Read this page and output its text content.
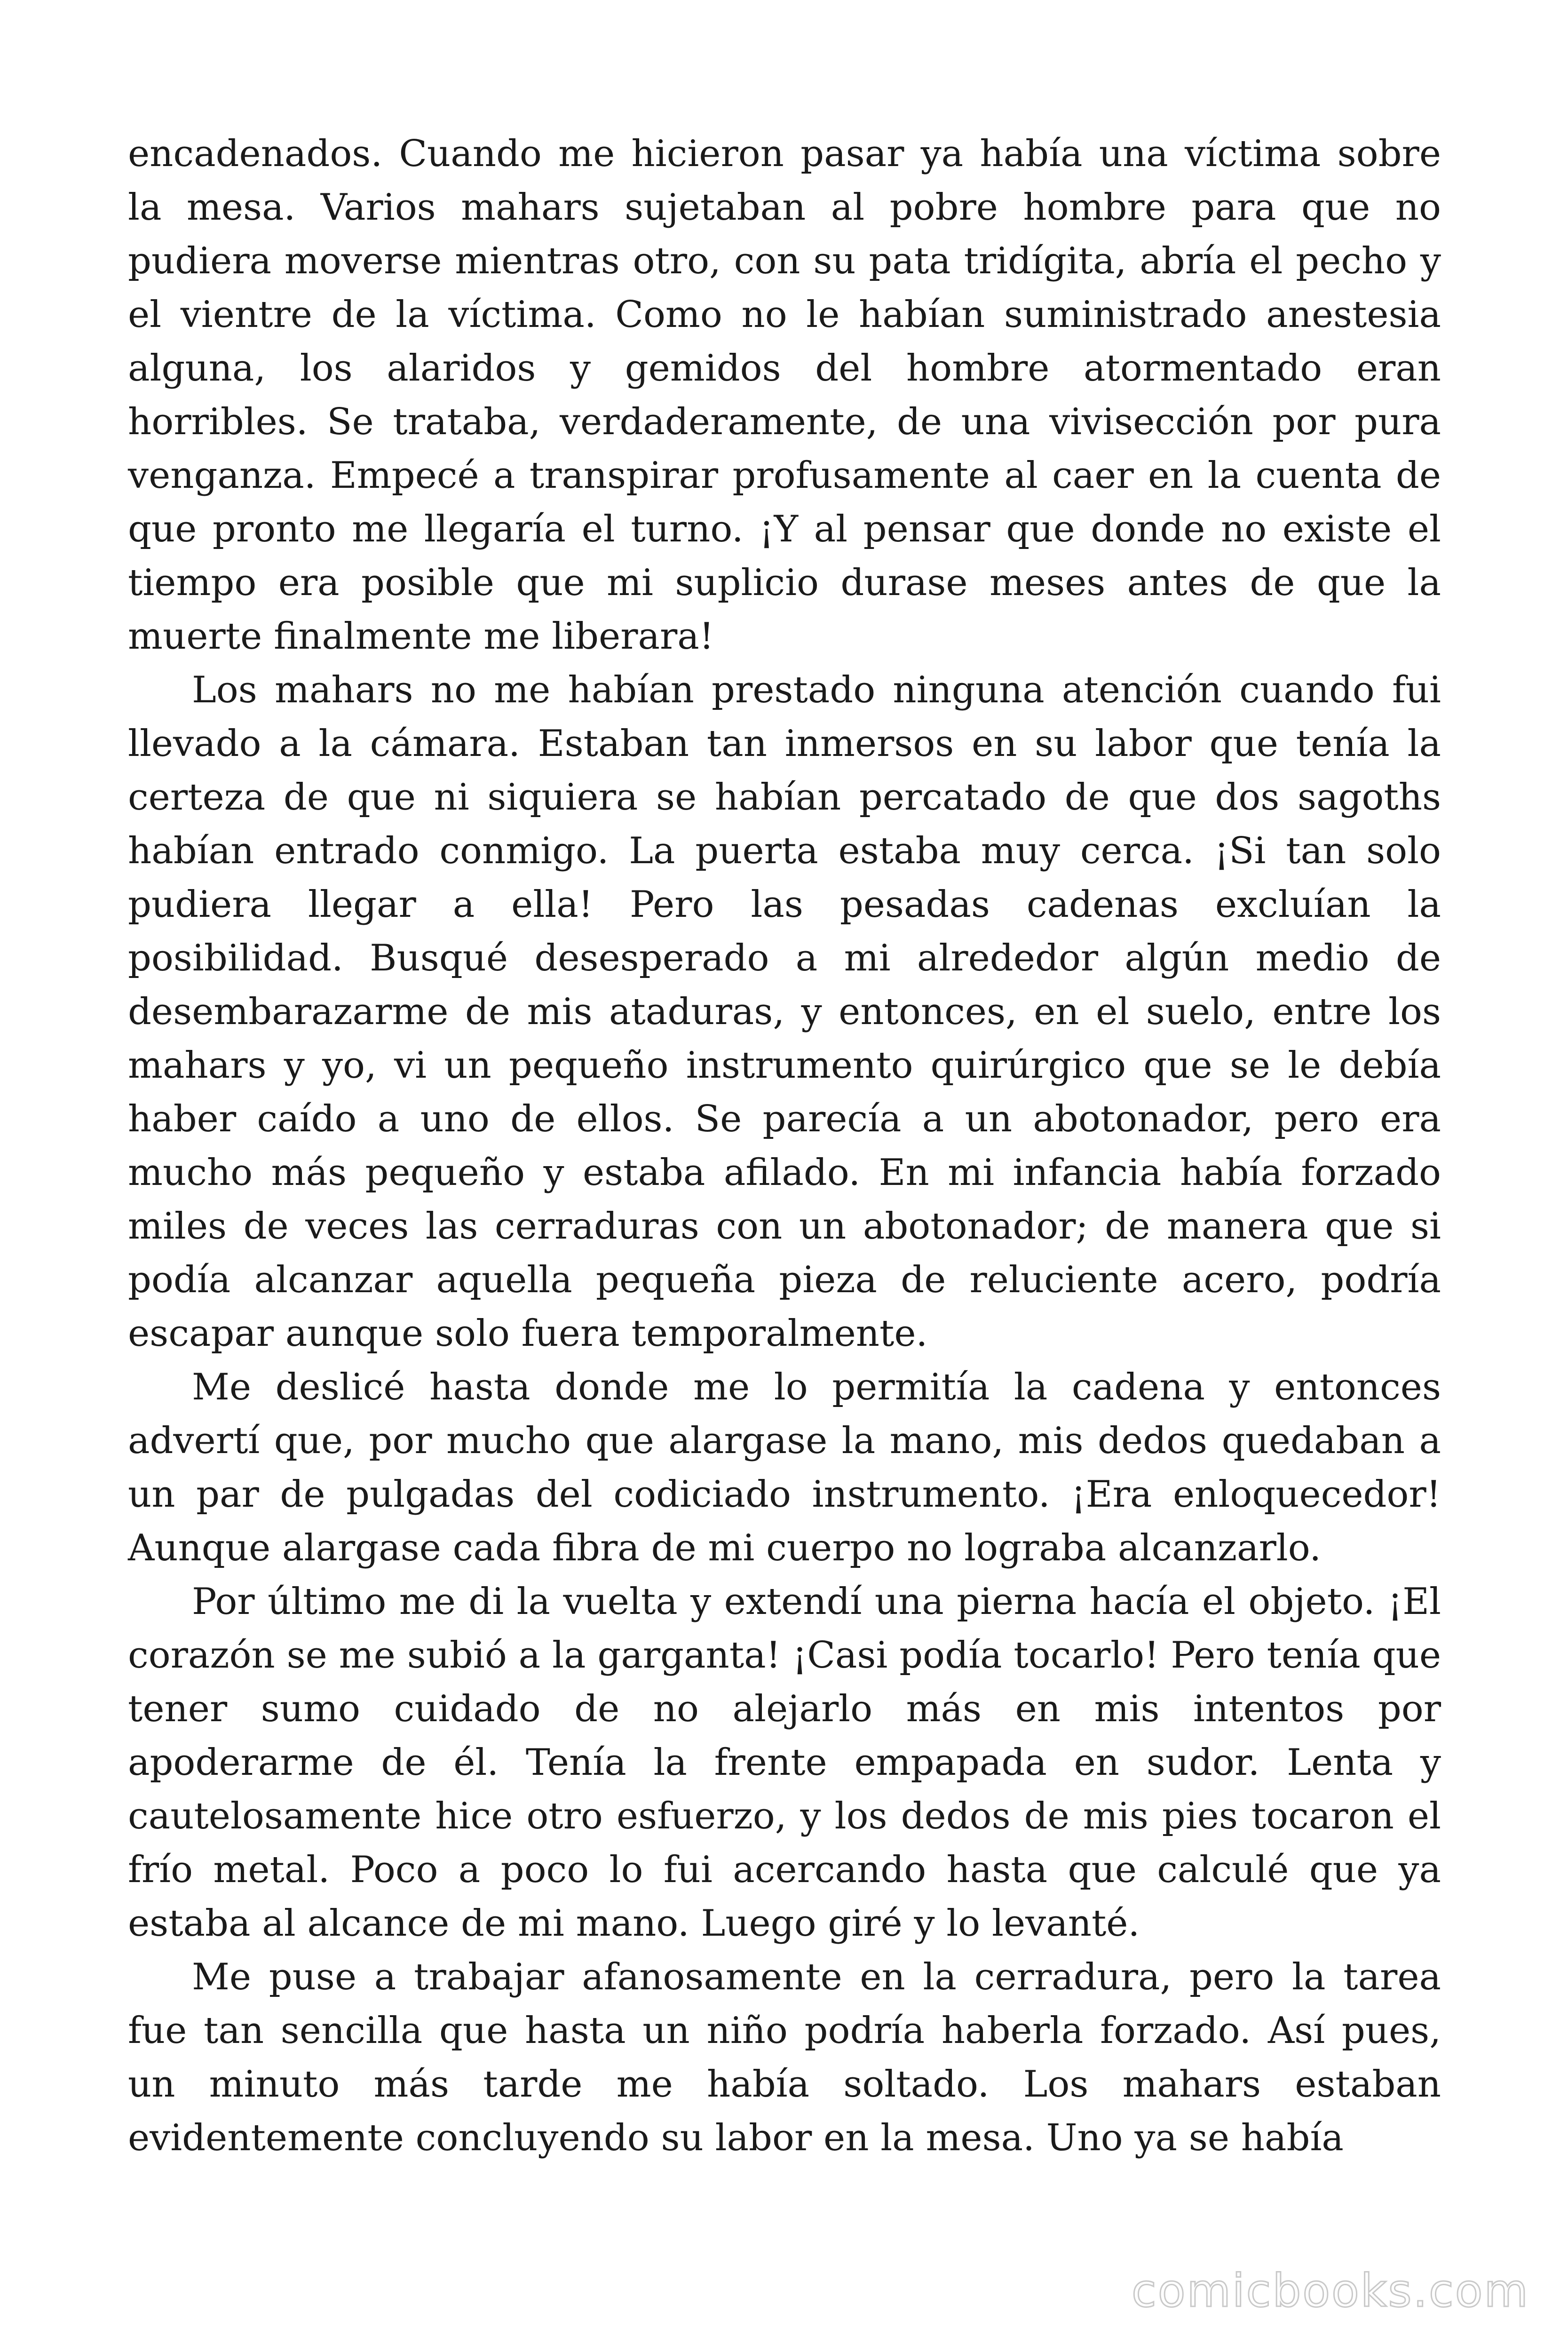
encadenados. Cuando me hicieron pasar ya había una víctima sobre la mesa. Varios mahars sujetaban al pobre hombre para que no pudiera moverse mientras otro, con su pata tridígita, abría el pecho y el vientre de la víctima. Como no le habían suministrado anestesia alguna, los alaridos y gemidos del hombre atormentado eran horribles. Se trataba, verdaderamente, de una vivisección por pura venganza. Empecé a transpirar profusamente al caer en la cuenta de que pronto me llegaría el turno. ¡Y al pensar que donde no existe el tiempo era posible que mi suplicio durase meses antes de que la muerte finalmente me liberara!

Los mahars no me habían prestado ninguna atención cuando fui llevado a la cámara. Estaban tan inmersos en su labor que tenía la certeza de que ni siquiera se habían percatado de que dos sagoths habían entrado conmigo. La puerta estaba muy cerca. ¡Si tan solo pudiera llegar a ella! Pero las pesadas cadenas excluían la posibilidad. Busqué desesperado a mi alrededor algún medio de desembarazarme de mis ataduras, y entonces, en el suelo, entre los mahars y yo, vi un pequeño instrumento quirúrgico que se le debía haber caído a uno de ellos. Se parecía a un abotonador, pero era mucho más pequeño y estaba afilado. En mi infancia había forzado miles de veces las cerraduras con un abotonador; de manera que si podía alcanzar aquella pequeña pieza de reluciente acero, podría escapar aunque solo fuera temporalmente.

Me deslicé hasta donde me lo permitía la cadena y entonces advertí que, por mucho que alargase la mano, mis dedos quedaban a un par de pulgadas del codiciado instrumento. ¡Era enloquecedor! Aunque alargase cada fibra de mi cuerpo no lograba alcanzarlo.

Por último me di la vuelta y extendí una pierna hacía el objeto. ¡El corazón se me subió a la garganta! ¡Casi podía tocarlo! Pero tenía que tener sumo cuidado de no alejarlo más en mis intentos por apoderarme de él. Tenía la frente empapada en sudor. Lenta y cautelosamente hice otro esfuerzo, y los dedos de mis pies tocaron el frío metal. Poco a poco lo fui acercando hasta que calculé que ya estaba al alcance de mi mano. Luego giré y lo levanté.

Me puse a trabajar afanosamente en la cerradura, pero la tarea fue tan sencilla que hasta un niño podría haberla forzado. Así pues, un minuto más tarde me había soltado. Los mahars estaban evidentemente concluyendo su labor en la mesa. Uno ya se había

comicbooks.com
